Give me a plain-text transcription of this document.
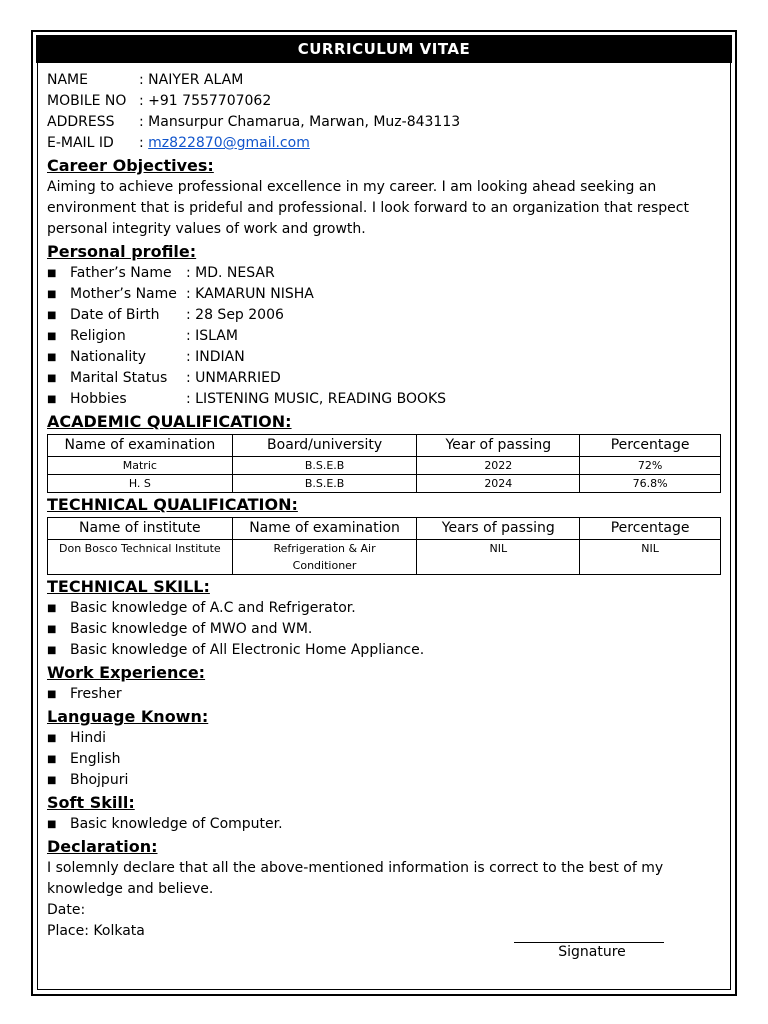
CURRICULUM VITAE
NAME	: NAIYER ALAM
MOBILE NO : +91 7557707062
ADDRESS	: Mansurpur Chamarua, Marwan, Muz-843113
E-MAIL ID	: mz822870@gmail.com
Career Objectives:

Aiming to achieve professional excellence in my career. I am looking ahead seeking an environment that is prideful and professional. I look forward to an organization that respect personal integrity values of work and growth.

Personal profile:
■
Father’s Name	: MD. NESAR
■
Mother’s Name : KAMARUN NISHA
■
Date of Birth	: 28 Sep 2006
■
Religion	: ISLAM
■
Nationality	: INDIAN
■
Marital Status	: UNMARRIED
■
Hobbies	: LISTENING MUSIC, READING BOOKS
ACADEMIC QUALIFICATION:
Name of examination	Board/university	Year of passing	Percentage
Matric	B.S.E.B	2022	72%
H. S	B.S.E.B	2024	76.8%
TECHNICAL QUALIFICATION:
Name of institute	Name of examination	Years of passing	Percentage
Don Bosco Technical Institute	Refrigeration & Air Conditioner	NIL	NIL
TECHNICAL SKILL:
■
Basic knowledge of A.C and Refrigerator.
■
Basic knowledge of MWO and WM.
■
Basic knowledge of All Electronic Home Appliance.
Work Experience:
■
Fresher
Language Known:
■
Hindi
■
English
■
Bhojpuri
Soft Skill:
■
Basic knowledge of Computer.
Declaration:

I solemnly declare that all the above-mentioned information is correct to the best of my knowledge and believe.

Date:
Place: Kolkata
Signature
